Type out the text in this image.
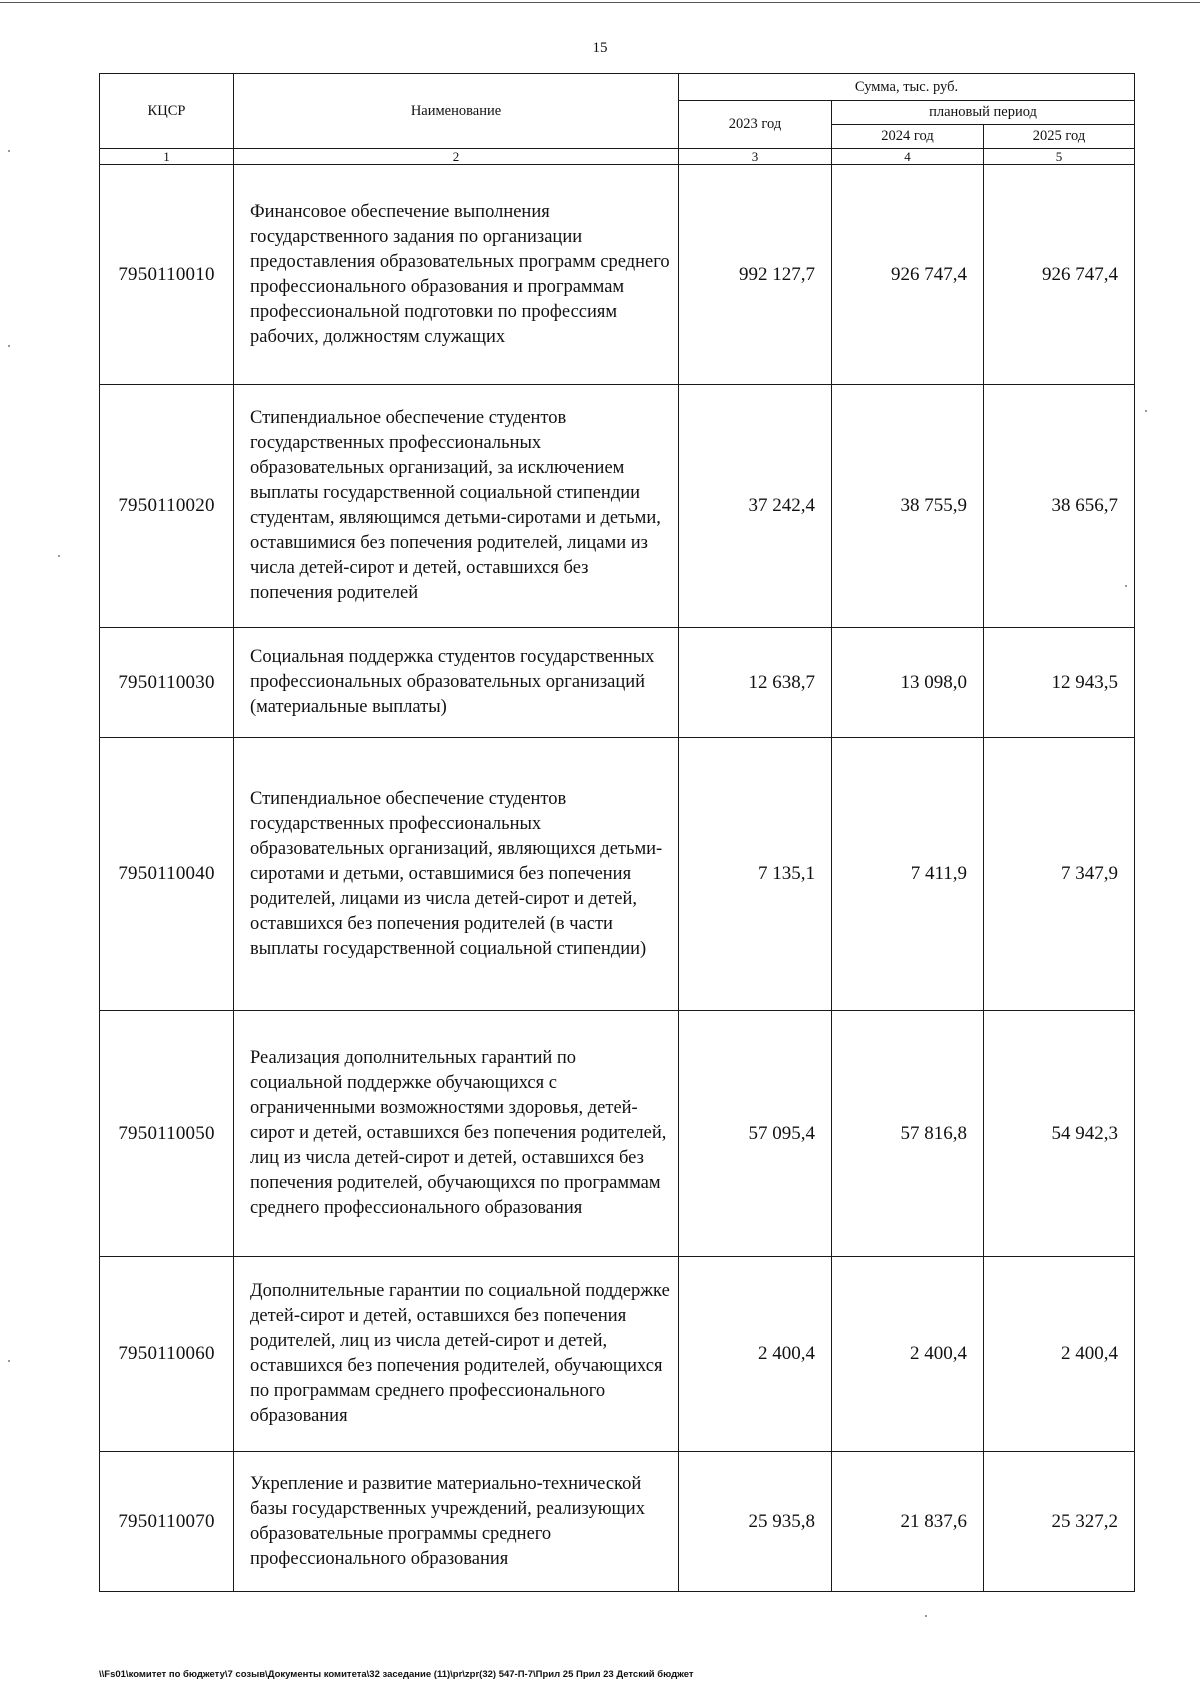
15
КЦСР	Наименование	Сумма, тыс. руб.		
		2023 год	плановый период	
			2024 год	2025 год
1	2	3	4	5
7950110010	Финансовое обеспечение выполнения государственного задания по организации предоставления образовательных программ среднего профессионального образования и программам профессиональной подготовки по профессиям рабочих, должностям служащих	992 127,7	926 747,4	926 747,4
7950110020	Стипендиальное обеспечение студентов государственных профессиональных образовательных организаций, за исключением выплаты государственной социальной стипендии студентам, являющимся детьми-сиротами и детьми, оставшимися без попечения родителей, лицами из числа детей-сирот и детей, оставшихся без попечения родителей	37 242,4	38 755,9	38 656,7
7950110030	Социальная поддержка студентов государственных профессиональных образовательных организаций (материальные выплаты)	12 638,7	13 098,0	12 943,5
7950110040	Стипендиальное обеспечение студентов государственных профессиональных образовательных организаций, являющихся детьми-сиротами и детьми, оставшимися без попечения родителей, лицами из числа детей-сирот и детей, оставшихся без попечения родителей (в части выплаты государственной социальной стипендии)	7 135,1	7 411,9	7 347,9
7950110050	Реализация дополнительных гарантий по социальной поддержке обучающихся с ограниченными возможностями здоровья, детей-сирот и детей, оставшихся без попечения родителей, лиц из числа детей-сирот и детей, оставшихся без попечения родителей, обучающихся по программам среднего профессионального образования	57 095,4	57 816,8	54 942,3
7950110060	Дополнительные гарантии по социальной поддержке детей-сирот и детей, оставшихся без попечения родителей, лиц из числа детей-сирот и детей, оставшихся без попечения родителей, обучающихся по программам среднего профессионального образования	2 400,4	2 400,4	2 400,4
7950110070	Укрепление и развитие материально-технической базы государственных учреждений, реализующих образовательные программы среднего профессионального образования	25 935,8	21 837,6	25 327,2
\\Fs01\комитет по бюджету\7 созыв\Документы комитета\32 заседание (11)\pr\zpr(32) 547-П-7\Прил 25 Прил 23 Детский бюджет
